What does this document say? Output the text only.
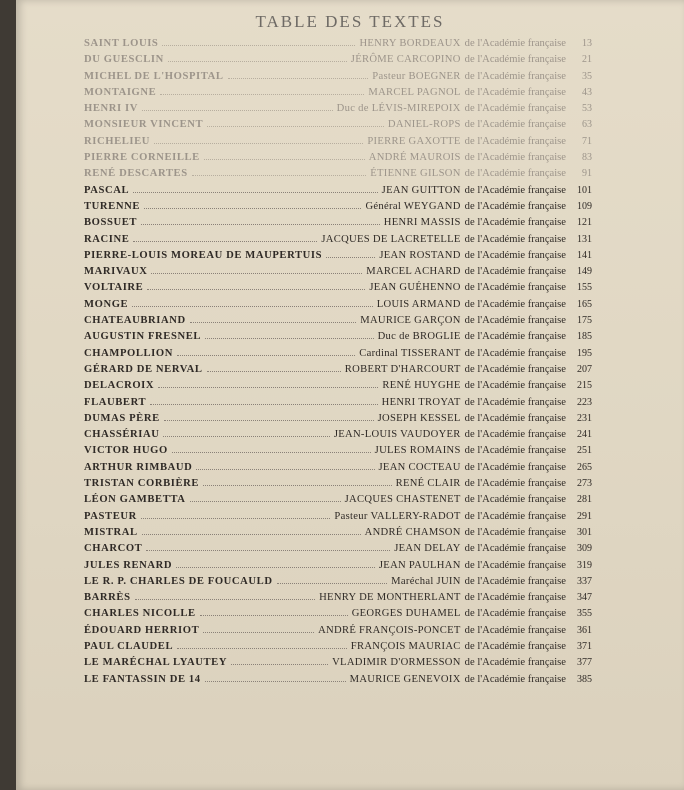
TABLE DES TEXTES
SAINT LOUIS	HENRY BORDEAUX de l'Académie française	13
DU GUESCLIN	JÉRÔME CARCOPINO de l'Académie française	21
MICHEL DE L'HOSPITAL	Pasteur BOEGNER de l'Académie française	35
MONTAIGNE	MARCEL PAGNOL de l'Académie française	43
HENRI IV	Duc de LÉVIS-MIREPOIX de l'Académie française	53
MONSIEUR VINCENT	DANIEL-ROPS de l'Académie française	63
RICHELIEU	PIERRE GAXOTTE de l'Académie française	71
PIERRE CORNEILLE	ANDRÉ MAUROIS de l'Académie française	83
RENÉ DESCARTES	ÉTIENNE GILSON de l'Académie française	91
PASCAL	JEAN GUITTON de l'Académie française	101
TURENNE	Général WEYGAND de l'Académie française	109
BOSSUET	HENRI MASSIS de l'Académie française	121
RACINE	JACQUES DE LACRETELLE de l'Académie française	131
PIERRE-LOUIS MOREAU DE MAUPERTUIS	JEAN ROSTAND de l'Académie française	141
MARIVAUX	MARCEL ACHARD de l'Académie française	149
VOLTAIRE	JEAN GUÉHENNO de l'Académie française	155
MONGE	LOUIS ARMAND de l'Académie française	165
CHATEAUBRIAND	MAURICE GARÇON de l'Académie française	175
AUGUSTIN FRESNEL	Duc de BROGLIE de l'Académie française	185
CHAMPOLLION	Cardinal TISSERANT de l'Académie française	195
GÉRARD DE NERVAL	ROBERT D'HARCOURT de l'Académie française	207
DELACROIX	RENÉ HUYGHE de l'Académie française	215
FLAUBERT	HENRI TROYAT de l'Académie française	223
DUMAS PÈRE	JOSEPH KESSEL de l'Académie française	231
CHASSÉRIAU	JEAN-LOUIS VAUDOYER de l'Académie française	241
VICTOR HUGO	JULES ROMAINS de l'Académie française	251
ARTHUR RIMBAUD	JEAN COCTEAU de l'Académie française	265
TRISTAN CORBIÈRE	RENÉ CLAIR de l'Académie française	273
LÉON GAMBETTA	JACQUES CHASTENET de l'Académie française	281
PASTEUR	Pasteur VALLERY-RADOT de l'Académie française	291
MISTRAL	ANDRÉ CHAMSON de l'Académie française	301
CHARCOT	JEAN DELAY de l'Académie française	309
JULES RENARD	JEAN PAULHAN de l'Académie française	319
LE R. P. CHARLES DE FOUCAULD	Maréchal JUIN de l'Académie française	337
BARRÈS	HENRY DE MONTHERLANT de l'Académie française	347
CHARLES NICOLLE	GEORGES DUHAMEL de l'Académie française	355
ÉDOUARD HERRIOT	ANDRÉ FRANÇOIS-PONCET de l'Académie française	361
PAUL CLAUDEL	FRANÇOIS MAURIAC de l'Académie française	371
LE MARÉCHAL LYAUTEY	VLADIMIR D'ORMESSON de l'Académie française	377
LE FANTASSIN DE 14	MAURICE GENEVOIX de l'Académie française	385
